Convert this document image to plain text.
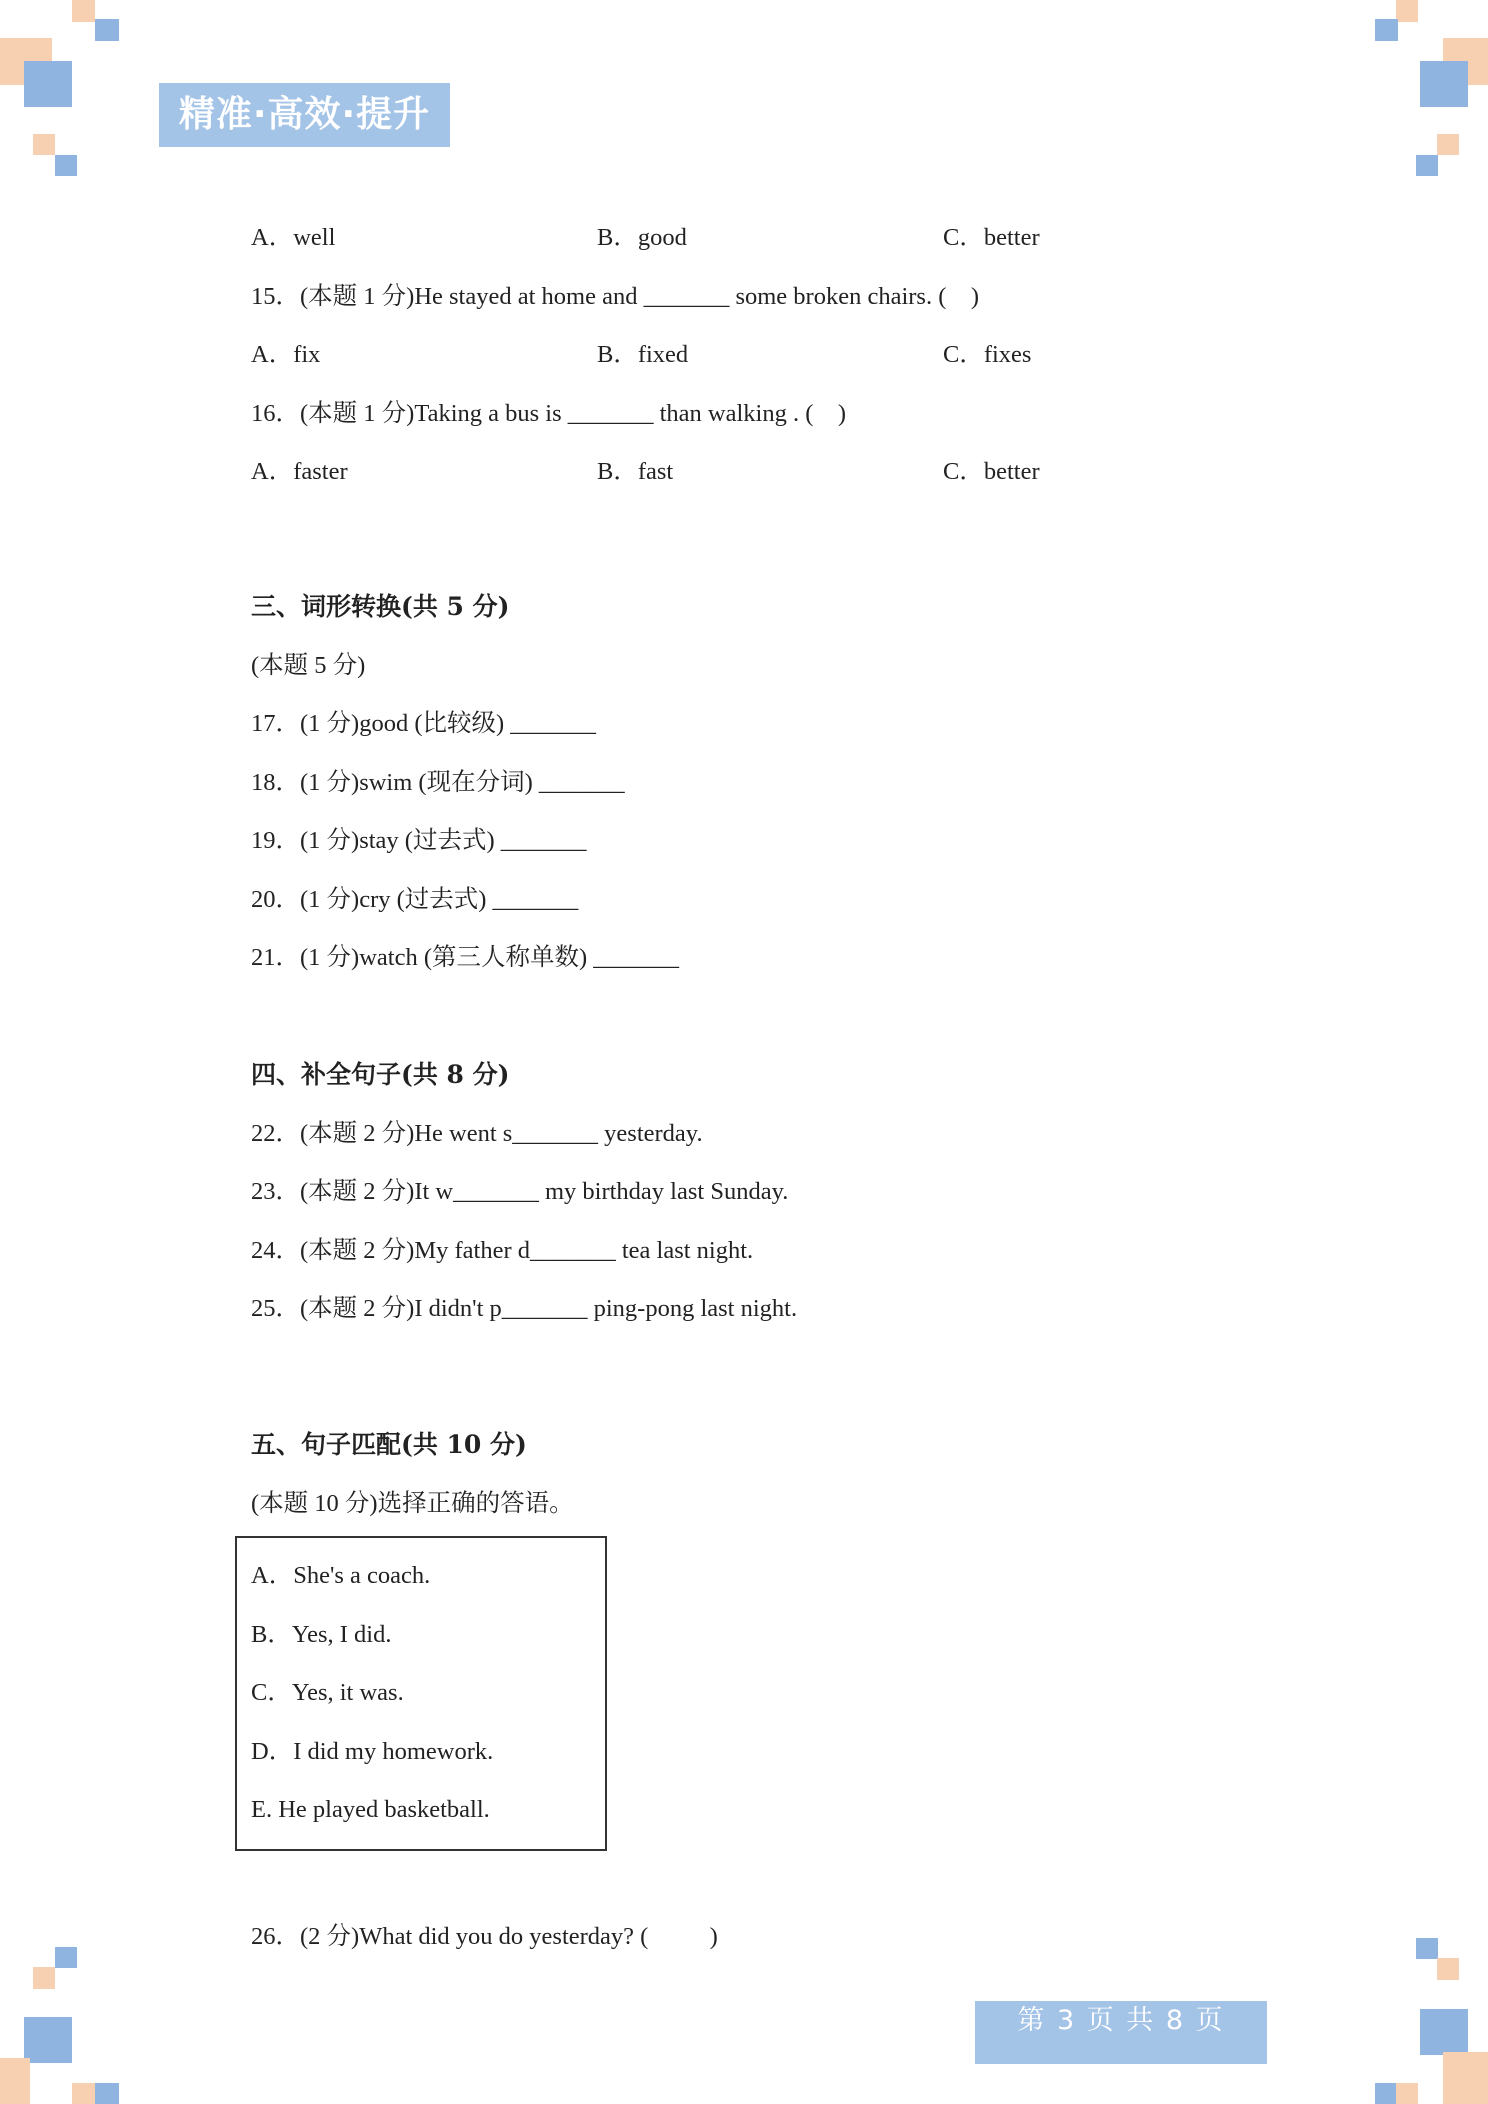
精准·高效·提升
A．well	B．good	C．better
15．(本题 1 分)He stayed at home and _______ some broken chairs. (    )
A．fix	B．fixed	C．fixes
16．(本题 1 分)Taking a bus is _______ than walking . (    )
A．faster	B．fast	C．better
三、词形转换(共 5 分)
(本题 5 分)
17．(1 分)good (比较级) _______
18．(1 分)swim (现在分词) _______
19．(1 分)stay (过去式) _______
20．(1 分)cry (过去式) _______
21．(1 分)watch (第三人称单数) _______
四、补全句子(共 8 分)
22．(本题 2 分)He went s_______ yesterday.
23．(本题 2 分)It w_______ my birthday last Sunday.
24．(本题 2 分)My father d_______ tea last night.
25．(本题 2 分)I didn't p_______ ping-pong last night.
五、句子匹配(共 10 分)
(本题 10 分)选择正确的答语。
A．She's a coach.
B．Yes, I did.
C．Yes, it was.
D．I did my homework.
E. He played basketball.
26．(2 分)What did you do yesterday? (          )
第 3 页 共 8 页
